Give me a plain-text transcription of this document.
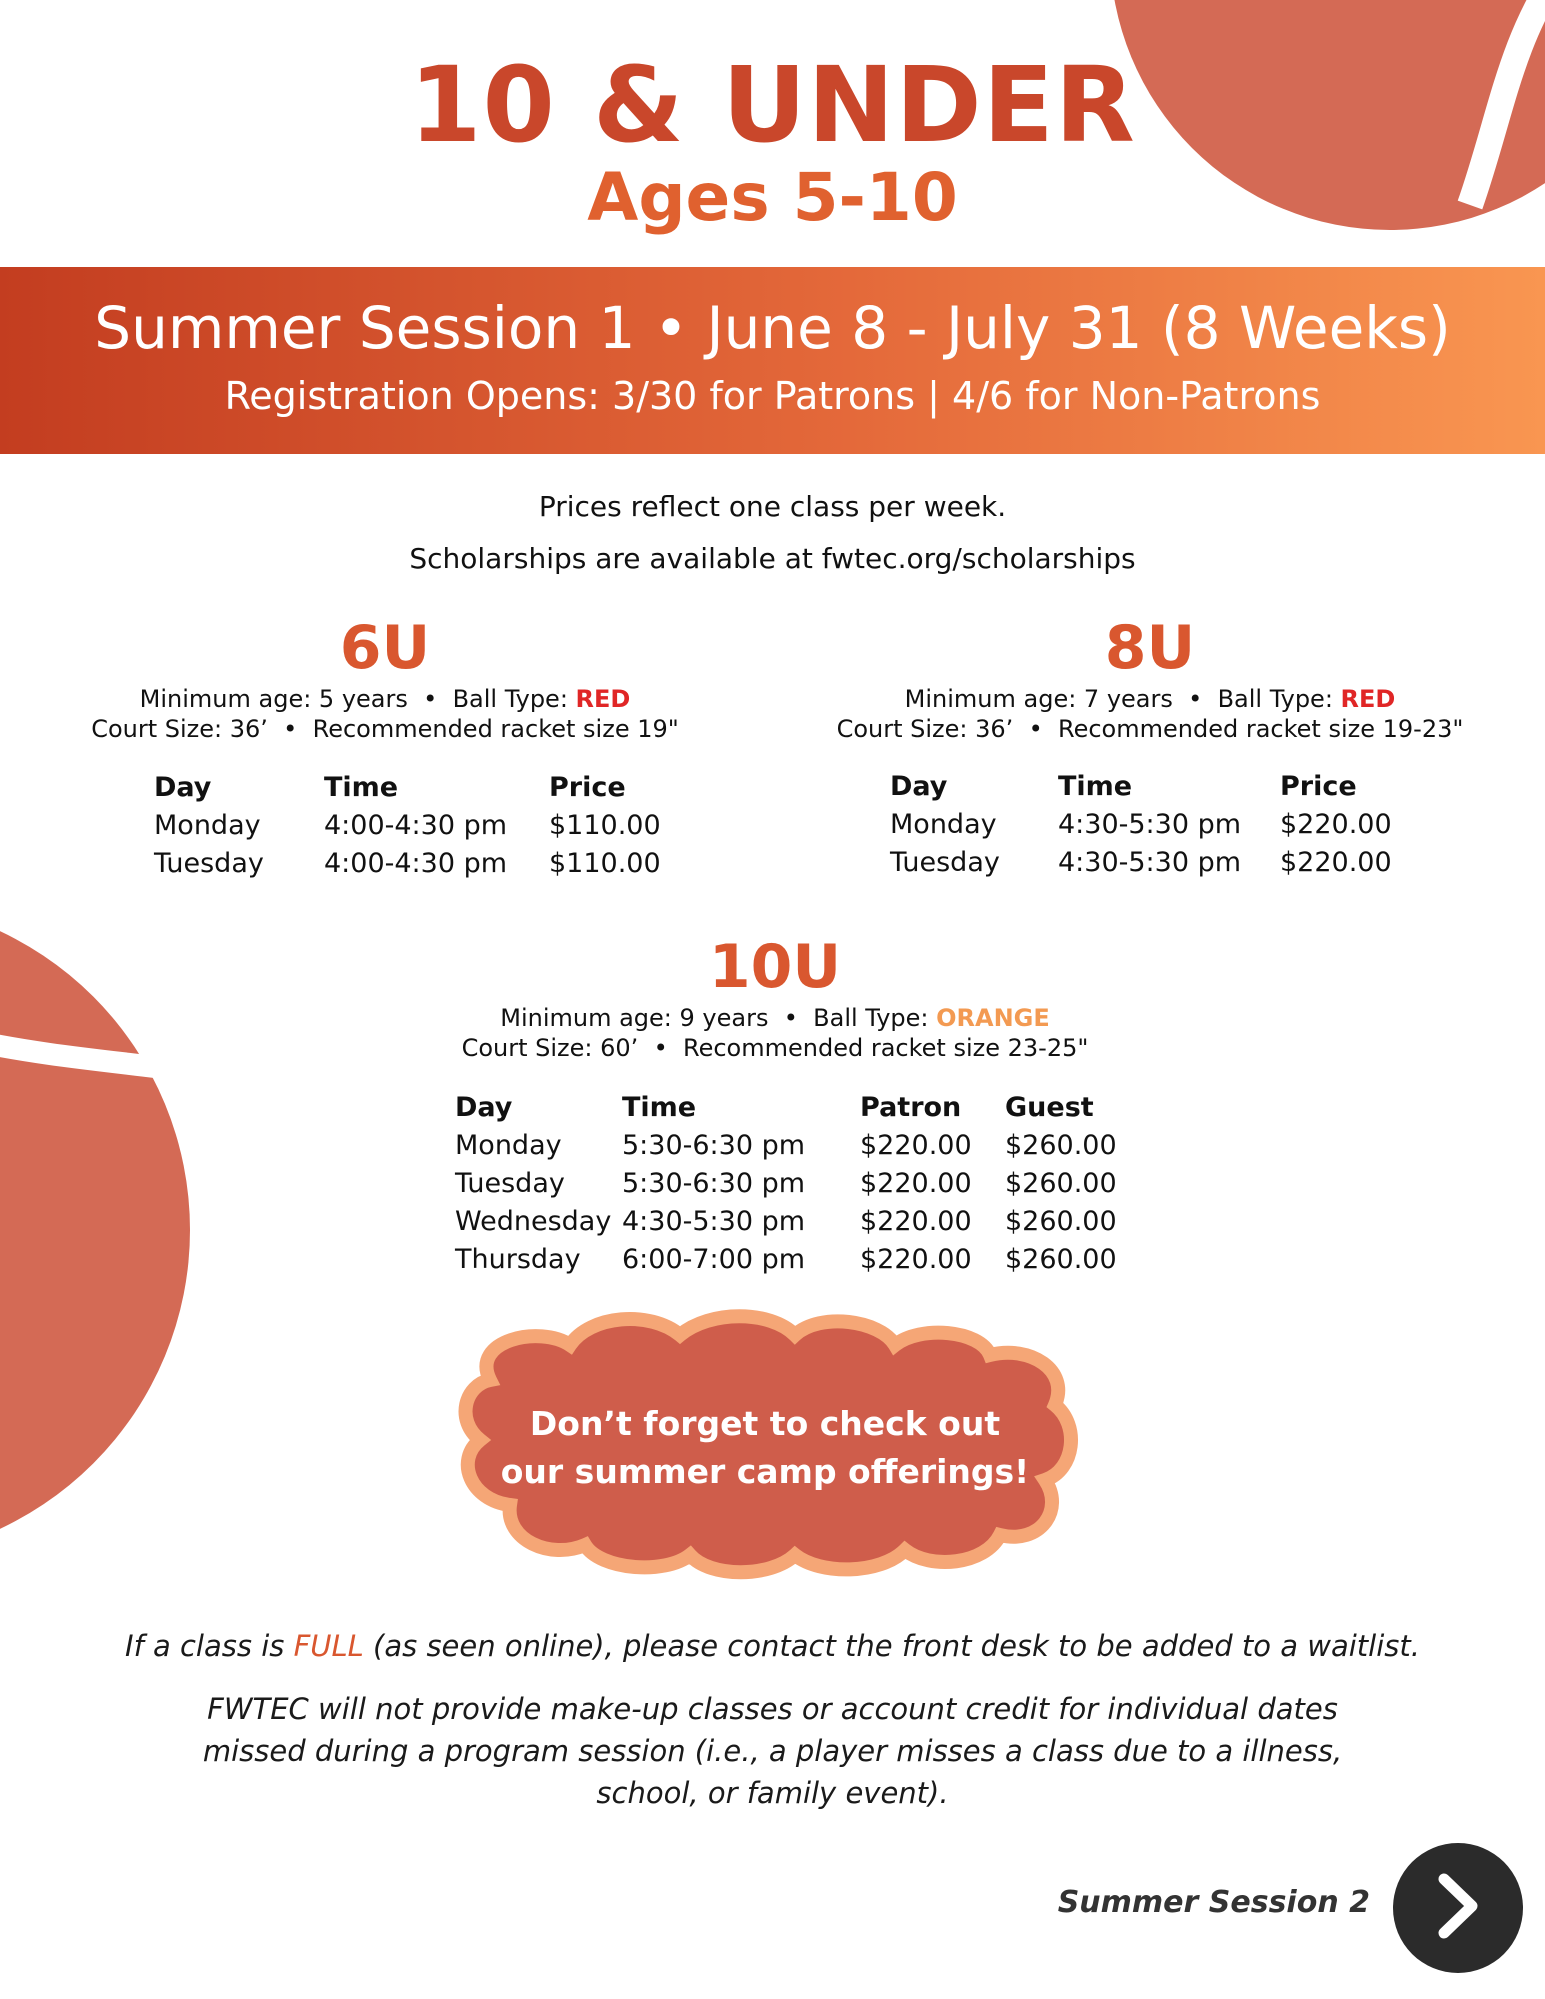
10 & UNDER
Ages 5-10
Summer Session 1 • June 8 - July 31 (8 Weeks)
Registration Opens: 3/30 for Patrons | 4/6 for Non-Patrons
Prices reflect one class per week.
Scholarships are available at fwtec.org/scholarships
6U
Minimum age: 5 years  •  Ball Type: RED
Court Size: 36’  •  Recommended racket size 19"
Day	Time	Price
Monday	4:00-4:30 pm	$110.00
Tuesday	4:00-4:30 pm	$110.00
8U
Minimum age: 7 years  •  Ball Type: RED
Court Size: 36’  •  Recommended racket size 19-23"
Day	Time	Price
Monday	4:30-5:30 pm	$220.00
Tuesday	4:30-5:30 pm	$220.00
10U
Minimum age: 9 years  •  Ball Type: ORANGE
Court Size: 60’  •  Recommended racket size 23-25"
Day	Time	Patron	Guest
Monday	5:30-6:30 pm	$220.00	$260.00
Tuesday	5:30-6:30 pm	$220.00	$260.00
Wednesday	4:30-5:30 pm	$220.00	$260.00
Thursday	6:00-7:00 pm	$220.00	$260.00
Don’t forget to check out
our summer camp offerings!
If a class is FULL (as seen online), please contact the front desk to be added to a waitlist.
FWTEC will not provide make-up classes or account credit for individual dates
missed during a program session (i.e., a player misses a class due to a illness,
school, or family event).
Summer Session 2
